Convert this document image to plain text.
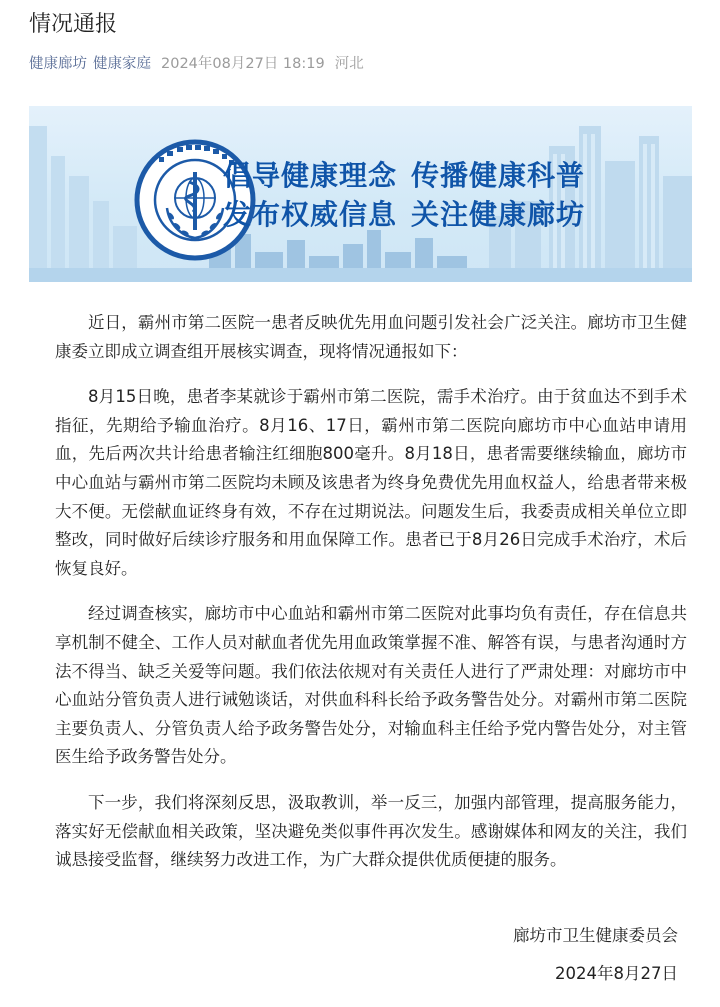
情况通报
健康廊坊 健康家庭 2024年08月27日 18:19 河北
倡导健康理念 传播健康科普
发布权威信息 关注健康廊坊

近日，霸州市第二医院一患者反映优先用血问题引发社会广泛关注。廊坊市卫生健康委立即成立调查组开展核实调查，现将情况通报如下：

8月15日晚，患者李某就诊于霸州市第二医院，需手术治疗。由于贫血达不到手术指征，先期给予输血治疗。8月16、17日，霸州市第二医院向廊坊市中心血站申请用血，先后两次共计给患者输注红细胞800毫升。8月18日，患者需要继续输血，廊坊市中心血站与霸州市第二医院均未顾及该患者为终身免费优先用血权益人，给患者带来极大不便。无偿献血证终身有效，不存在过期说法。问题发生后，我委责成相关单位立即整改，同时做好后续诊疗服务和用血保障工作。患者已于8月26日完成手术治疗，术后恢复良好。

经过调查核实，廊坊市中心血站和霸州市第二医院对此事均负有责任，存在信息共享机制不健全、工作人员对献血者优先用血政策掌握不准、解答有误，与患者沟通时方法不得当、缺乏关爱等问题。我们依法依规对有关责任人进行了严肃处理：对廊坊市中心血站分管负责人进行诫勉谈话，对供血科科长给予政务警告处分。对霸州市第二医院主要负责人、分管负责人给予政务警告处分，对输血科主任给予党内警告处分，对主管医生给予政务警告处分。

下一步，我们将深刻反思，汲取教训，举一反三，加强内部管理，提高服务能力，落实好无偿献血相关政策，坚决避免类似事件再次发生。感谢媒体和网友的关注，我们诚恳接受监督，继续努力改进工作，为广大群众提供优质便捷的服务。

廊坊市卫生健康委员会
2024年8月27日
